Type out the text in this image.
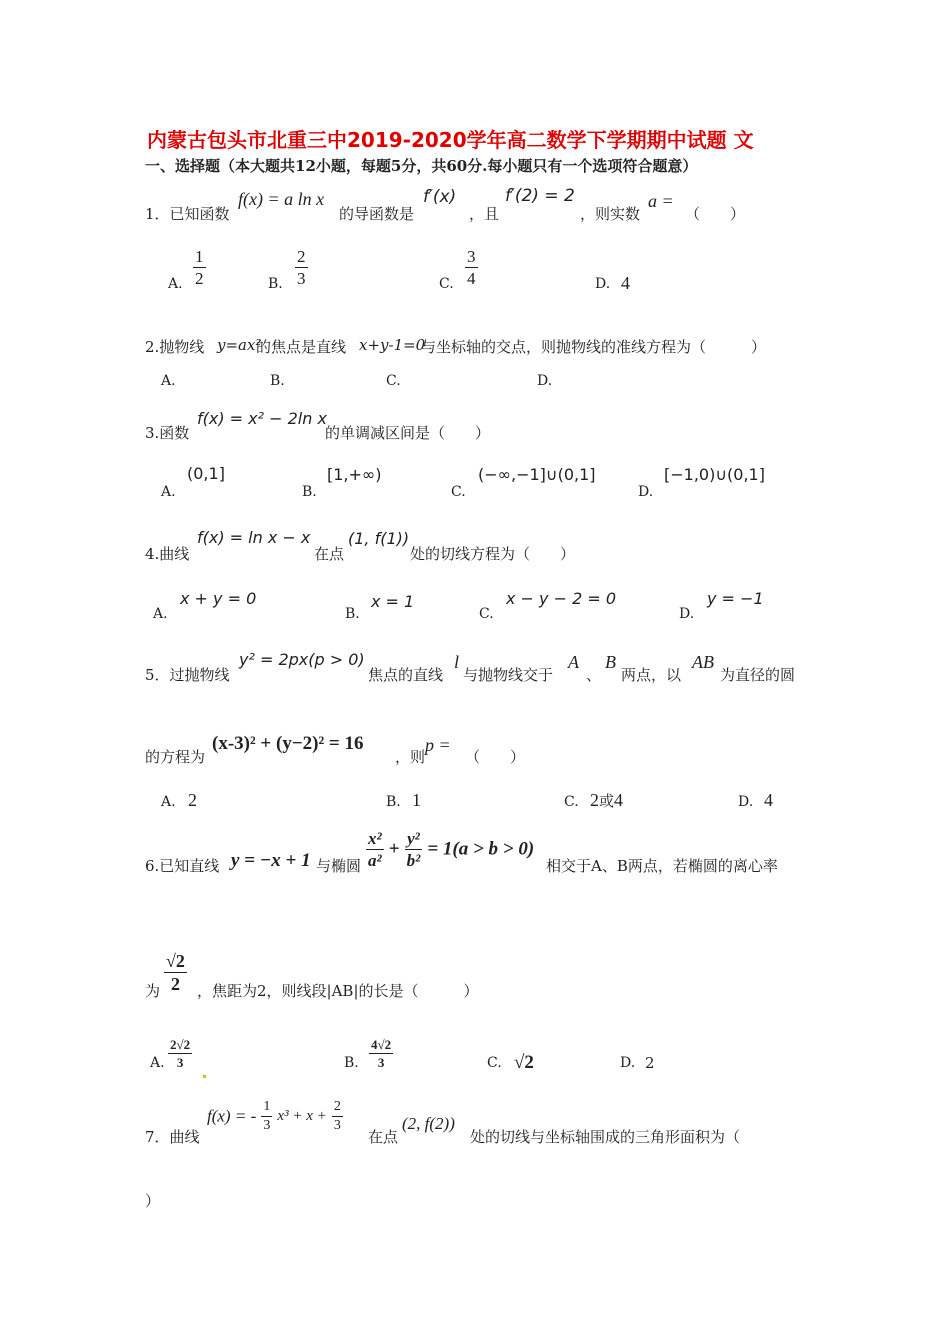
内蒙古包头市北重三中2019-2020学年高二数学下学期期中试题 文
一、选择题（本大题共12小题，每题5分，共60分.每小题只有一个选项符合题意）
1．已知函数
f(x) = a ln x
的导函数是
f′(x)
，且
f′(2) = 2
，则实数
a =
（　　）
A. $\frac{1}{2}$	B. $\frac{2}{3}$	C. $\frac{3}{4}$	D. 4
2.抛物线 y=ax²
的焦点是直线 x+y-1=0
与坐标轴的交点，则抛物线的准线方程为（　　　）
A.	B.	C.	D.
3.函数
f(x) = x² − 2ln x
的单调减区间是（　　）
A.
(0,1]
B.
[1,+∞)
C.
(−∞,−1]∪(0,1]
D.
[−1,0)∪(0,1]
4.曲线
f(x) = ln x − x
在点
(1, f(1))
处的切线方程为（　　）
A.
x + y = 0
B.
x = 1
C.
x − y − 2 = 0
D.
y = −1
5．过抛物线
y² = 2px(p > 0)
焦点的直线
l
与抛物线交于
A
、
B
两点，以
AB
为直径的圆
的方程为
(x-3)² + (y−2)² = 16
，则
p =
（　　）
A. 2	B. 1	C. 2或4	D. 4
6.已知直线 y = −x + 1 与椭圆 $\frac{\text{x²}}{\text{a²}} + \frac{\text{y²}}{\text{b²}} = 1(a > b > 0)$
相交于A、B两点，若椭圆的离心率
为 $\frac{√2}{2}$ ，焦距为2，则线段|AB|的长是（　　　）
A. $\frac{2√2}{3}$	B. $\frac{4√2}{3}$	C. √2	D. 2
7．曲线
f(x) = - $\frac{1}{3} x^3 + x + \frac{2}{3}$
在点
(2, f(2))
处的切线与坐标轴围成的三角形面积为（
）
